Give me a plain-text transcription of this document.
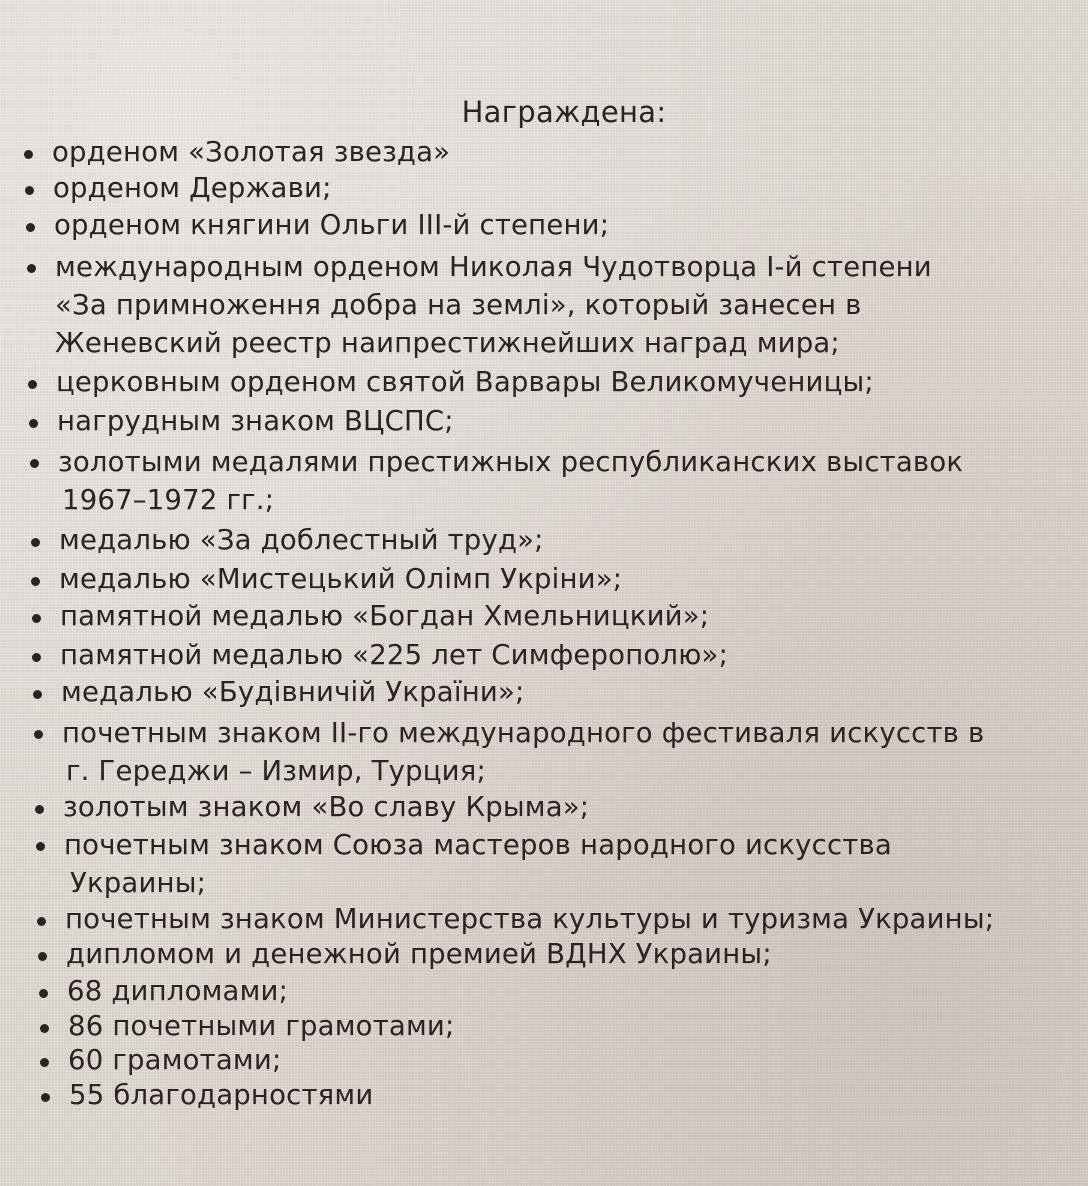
Награждена:
орденом «Золотая звезда»
орденом Держави;
орденом княгини Ольги III-й степени;
международным орденом Николая Чудотворца I-й степени
«За примноження добра на землі», который занесен в
Женевский реестр наипрестижнейших наград мира;
церковным орденом святой Варвары Великомученицы;
нагрудным знаком ВЦСПС;
золотыми медалями престижных республиканских выставок
1967–1972 гг.;
медалью «За доблестный труд»;
медалью «Мистецький Олімп Укріни»;
памятной медалью «Богдан Хмельницкий»;
памятной медалью «225 лет Симферополю»;
медалью «Будівничій України»;
почетным знаком II-го международного фестиваля искусств в
г. Гереджи – Измир, Турция;
золотым знаком «Во славу Крыма»;
почетным знаком Союза мастеров народного искусства
Украины;
почетным знаком Министерства культуры и туризма Украины;
дипломом и денежной премией ВДНХ Украины;
68 дипломами;
86 почетными грамотами;
60 грамотами;
55 благодарностями
